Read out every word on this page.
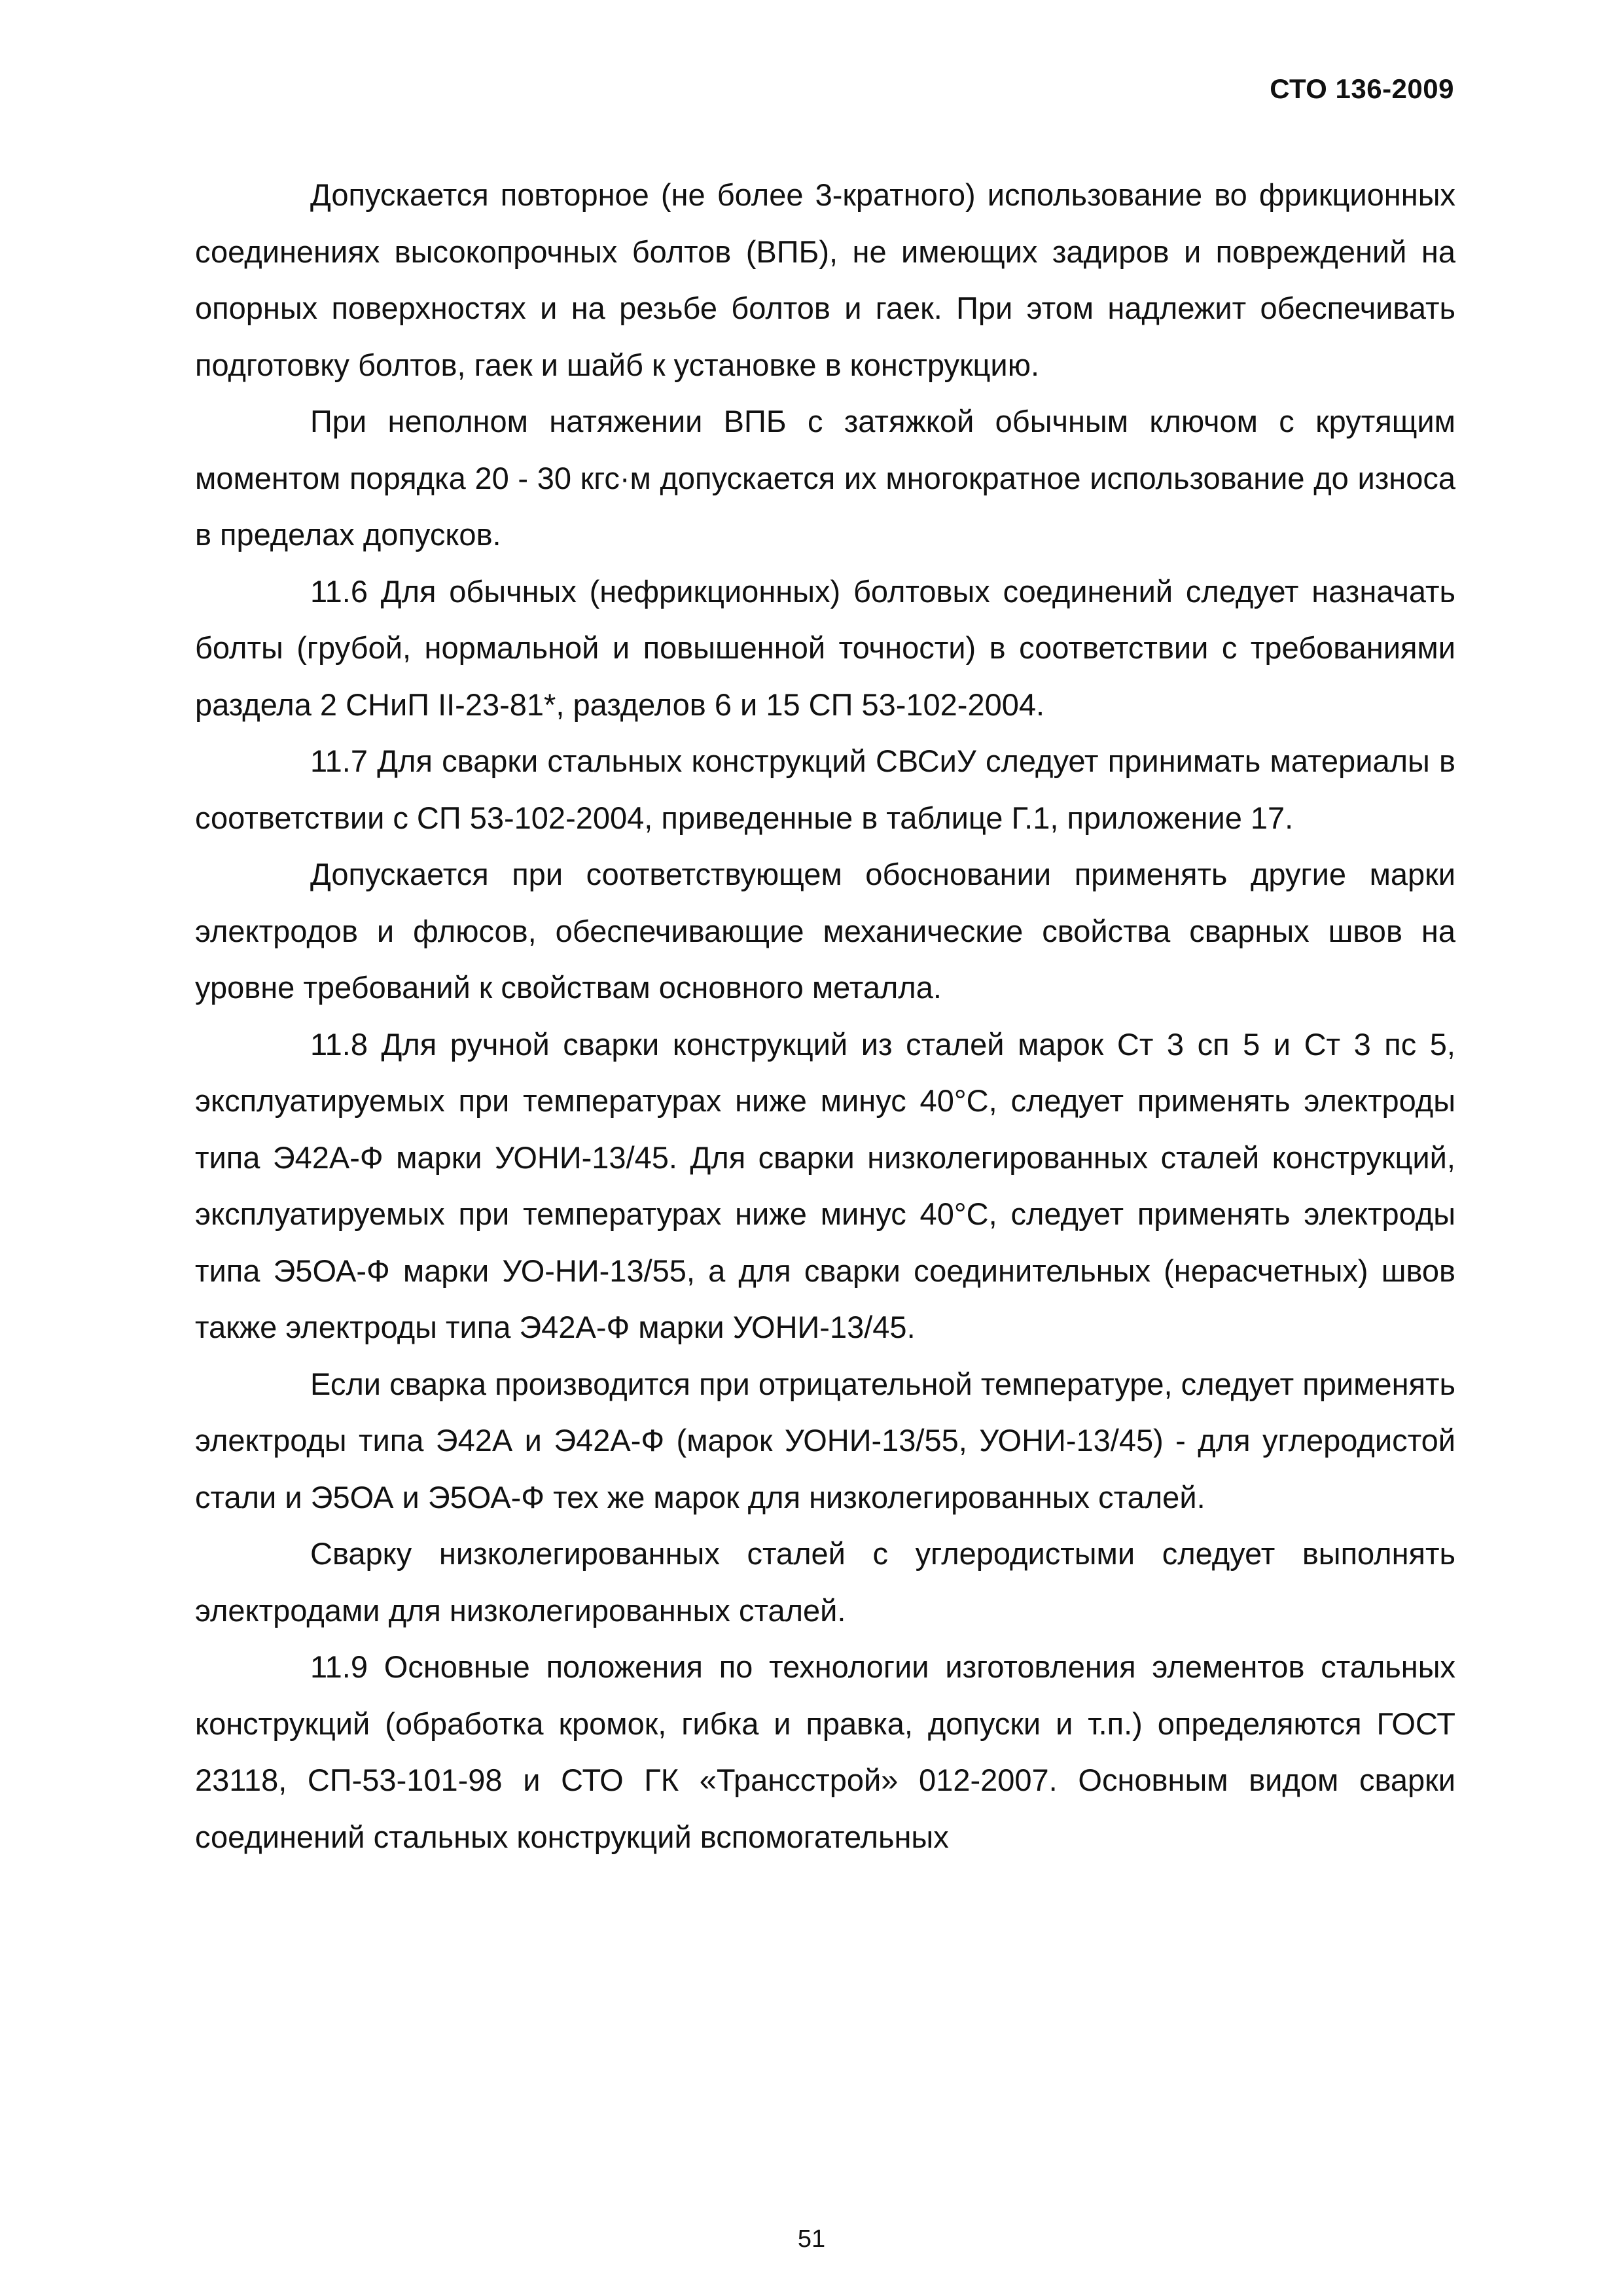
СТО 136-2009

Допускается повторное (не более 3-кратного) использование во фрикционных соединениях высокопрочных болтов (ВПБ), не имеющих задиров и повреждений на опорных поверхностях и на резьбе болтов и гаек. При этом надлежит обеспечивать подготовку болтов, гаек и шайб к установке в конструкцию.

При неполном натяжении ВПБ с затяжкой обычным ключом с крутящим моментом порядка 20 - 30 кгс·м допускается их многократное использование до износа в пределах допусков.

11.6 Для обычных (нефрикционных) болтовых соединений следует назначать болты (грубой, нормальной и повышенной точности) в соответствии с требованиями раздела 2 СНиП II-23-81*, разделов 6 и 15 СП 53-102-2004.

11.7 Для сварки стальных конструкций СВСиУ следует принимать материалы в соответствии с СП 53-102-2004, приведенные в таблице Г.1, приложение 17.

Допускается при соответствующем обосновании применять другие марки электродов и флюсов, обеспечивающие механические свойства сварных швов на уровне требований к свойствам основного металла.

11.8 Для ручной сварки конструкций из сталей марок Ст 3 сп 5 и Ст 3 пс 5, эксплуатируемых при температурах ниже минус 40°С, следует применять электроды типа Э42А-Ф марки УОНИ-13/45. Для сварки низколегированных сталей конструкций, эксплуатируемых при температурах ниже минус 40°С, следует применять электроды типа Э5ОА-Ф марки УО-НИ-13/55, а для сварки соединительных (нерасчетных) швов также электроды типа Э42А-Ф марки УОНИ-13/45.

Если сварка производится при отрицательной температуре, следует применять электроды типа Э42А и Э42А-Ф (марок УОНИ-13/55, УОНИ-13/45) - для углеродистой стали и Э5ОА и Э5ОА-Ф тех же марок для низколегированных сталей.

Сварку низколегированных сталей с углеродистыми следует выполнять электродами для низколегированных сталей.

11.9 Основные положения по технологии изготовления элементов стальных конструкций (обработка кромок, гибка и правка, допуски и т.п.) определяются ГОСТ 23118, СП-53-101-98 и СТО ГК «Трансстрой» 012-2007. Основным видом сварки соединений стальных конструкций вспомогательных

51
